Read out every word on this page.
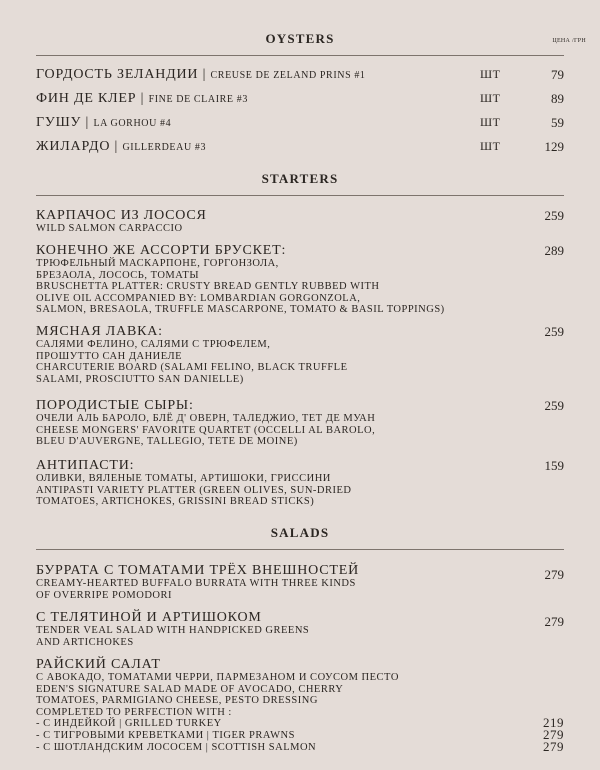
OYSTERS	ЦЕНА /ГРН
ГОРДОСТЬ ЗЕЛАНДИИ | CREUSE DE ZELAND PRINS #1	ШТ	79
ФИН ДЕ КЛЕР | FINE DE CLAIRE #3	ШТ	89
ГУШУ | LA GORHOU #4	ШТ	59
ЖИЛАРДО | GILLERDEAU #3	ШТ	129
STARTERS
КАРПАЧОС ИЗ ЛОСОСЯ	259
WILD SALMON CARPACCIO
КОНЕЧНО ЖЕ АССОРТИ БРУСКЕТ:	289
ТРЮФЕЛЬНЫЙ МАСКАРПОНЕ, ГОРГОНЗОЛА,
БРЕЗАОЛА, ЛОСОСЬ, ТОМАТЫ
BRUSCHETTA PLATTER: CRUSTY BREAD GENTLY RUBBED WITH
OLIVE OIL ACCOMPANIED BY: LOMBARDIAN GORGONZOLA,
SALMON, BRESAOLA, TRUFFLE MASCARPONE, TOMATO & BASIL TOPPINGS)
МЯСНАЯ ЛАВКА:	259
САЛЯМИ ФЕЛИНО, САЛЯМИ С ТРЮФЕЛЕМ,
ПРОШУТТО САН ДАНИЕЛЕ
CHARCUTERIE BOARD (SALAMI FELINO, BLACK TRUFFLE
SALAMI, PROSCIUTTO SAN DANIELLE)
ПОРОДИСТЫЕ СЫРЫ:	259
ОЧЕЛИ АЛЬ БАРОЛО, БЛЁ Д' ОВЕРН, ТАЛЕДЖИО, ТЕТ ДЕ МУАН
CHEESE MONGERS' FAVORITE QUARTET (OCCELLI AL BAROLO,
BLEU D'AUVERGNE, TALLEGIO, TETE DE MOINE)
АНТИПАСТИ:	159
ОЛИВКИ, ВЯЛЕНЫЕ ТОМАТЫ, АРТИШОКИ, ГРИССИНИ
ANTIPASTI VARIETY PLATTER (GREEN OLIVES, SUN-DRIED
TOMATOES, ARTICHOKES, GRISSINI BREAD STICKS)
SALADS
БУРРАТА С ТОМАТАМИ ТРЁХ ВНЕШНОСТЕЙ	279
CREAMY-HEARTED BUFFALO BURRATA WITH THREE KINDS
OF OVERRIPE POMODORI
С ТЕЛЯТИНОЙ И АРТИШОКОМ	279
TENDER VEAL SALAD WITH HANDPICKED GREENS
AND ARTICHOKES
РАЙСКИЙ САЛАТ
С АВОКАДО, ТОМАТАМИ ЧЕРРИ, ПАРМЕЗАНОМ И СОУСОМ ПЕСТО
EDEN'S SIGNATURE SALAD MADE OF AVOCADO, CHERRY
TOMATOES, PARMIGIANO CHEESE, PESTO DRESSING
COMPLETED TO PERFECTION WITH :
- С ИНДЕЙКОЙ | GRILLED TURKEY	219
- С ТИГРОВЫМИ КРЕВЕТКАМИ | TIGER PRAWNS	279
- С ШОТЛАНДСКИМ ЛОСОСЕМ | SCOTTISH SALMON	279
